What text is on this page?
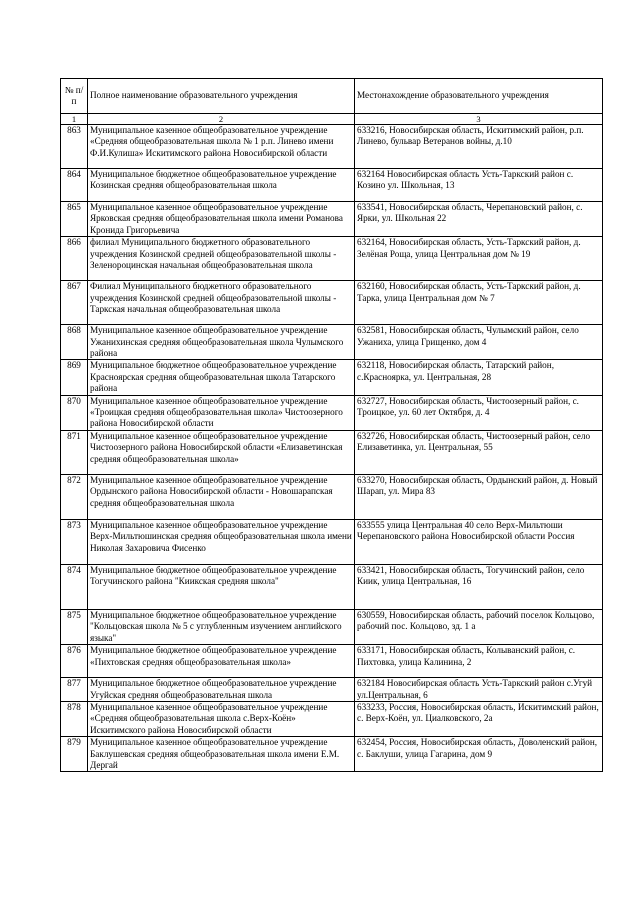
№ п/п	Полное наименование образовательного учреждения	Местонахождение образовательного учреждения
1	2	3
863	Муниципальное казенное общеобразовательное учреждение «Средняя общеобразовательная школа № 1 р.п. Линево имени Ф.И.Кулиша» Искитимского района Новосибирской области	633216, Новосибирская область, Искитимский район, р.п. Линево, бульвар Ветеранов войны, д.10
864	Муниципальное бюджетное общеобразовательное учреждение Козинская средняя общеобразовательная школа	632164 Новосибирская область Усть-Таркский район с. Козино ул. Школьная, 13
865	Муниципальное казенное общеобразовательное учреждение Ярковская средняя общеобразовательная школа имени Романова Кронида Григорьевича	633541, Новосибирская область, Черепановский район, с. Ярки, ул. Школьная 22
866	филиал Муниципального бюджетного образовательного учреждения Козинской средней общеобразовательной школы - Зеленороцинская начальная общеобразовательная школа	632164, Новосибирская область, Усть-Таркский район, д. Зелёная Роща, улица Центральная дом № 19
867	Филиал Муниципального бюджетного образовательного учреждения Козинской средней общеобразовательной школы - Таркская начальная общеобразовательная школа	632160, Новосибирская область, Усть-Таркский район, д. Тарка, улица Центральная дом № 7
868	Муниципальное казенное общеобразовательное учреждение Ужанихинская средняя общеобразовательная школа Чулымского района	632581, Новосибирская область, Чулымский район, село Ужаниха, улица Грищенко, дом 4
869	Муниципальное бюджетное общеобразовательное учреждение Красноярская средняя общеобразовательная школа Татарского района	632118, Новосибирская область, Татарский район, с.Красноярка, ул. Центральная, 28
870	Муниципальное казенное общеобразовательное учреждение «Троицкая средняя общеобразовательная школа» Чистоозерного района Новосибирской области	632727, Новосибирская область, Чистоозерный район, с. Троицкое, ул. 60 лет Октября, д. 4
871	Муниципальное казенное общеобразовательное учреждение Чистоозерного района Новосибирской области «Елизаветинская средняя общеобразовательная школа»	632726, Новосибирская область, Чистоозерный район, село Елизаветинка, ул. Центральная, 55
872	Муниципальное казенное общеобразовательное учреждение Ордынского района Новосибирской области - Новошарапская средняя общеобразовательная школа	633270, Новосибирская область, Ордынский район, д. Новый Шарап, ул. Мира 83
873	Муниципальное казенное общеобразовательное учреждение Верх-Мильтюшинская средняя общеобразовательная школа имени Николая Захаровича Фисенко	633555 улица Центральная 40 село Верх-Мильтюши Черепановского района Новосибирской области Россия
874	Муниципальное бюджетное общеобразовательное учреждение Тогучинского района "Киикская средняя школа"	633421, Новосибирская область, Тогучинский район, село Киик, улица Центральная, 16
875	Муниципальное бюджетное общеобразовательное учреждение "Кольцовская школа № 5 с углубленным изучением английского языка"	630559, Новосибирская область, рабочий поселок Кольцово, рабочий пос. Кольцово, зд. 1 а
876	Муниципальное бюджетное общеобразовательное учреждение «Пихтовская средняя общеобразовательная школа»	633171, Новосибирская область, Колыванский район, с. Пихтовка, улица Калинина, 2
877	Муниципальное бюджетное общеобразовательное учреждение Угуйская средняя общеобразовательная школа	632184 Новосибирская область Усть-Таркский район с.Угуй ул.Центральная, 6
878	Муниципальное казенное общеобразовательное учреждение «Средняя общеобразовательная школа с.Верх-Коён» Искитимского района Новосибирской области	633233, Россия, Новосибирская область, Искитимский район, с. Верх-Коён, ул. Циалковского, 2а
879	Муниципальное казенное общеобразовательное учреждение Баклушевская средняя общеобразовательная школа имени Е.М. Дергай	632454, Россия, Новосибирская область, Доволенский район, с. Баклуши, улица Гагарина, дом 9
